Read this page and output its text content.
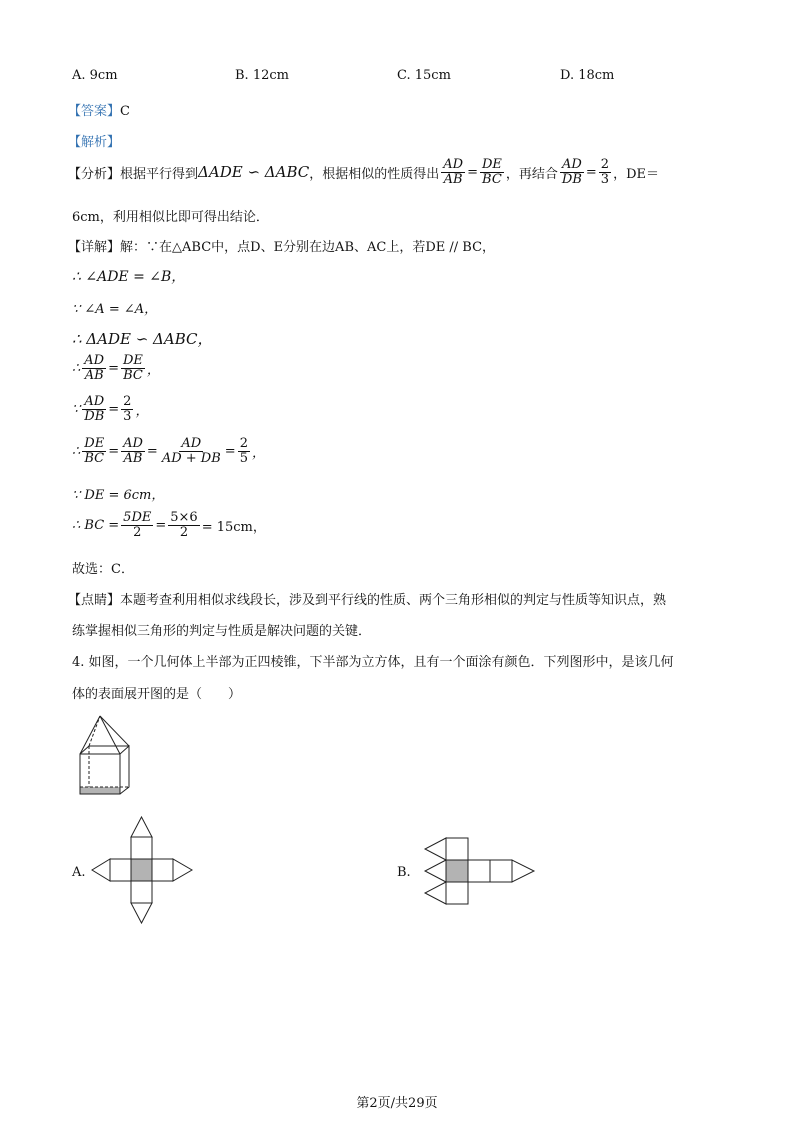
A. 9cm	B. 12cm	C. 15cm	D. 18cm
【答案】C
【解析】
【分析】 根据平行得到 ΔADE ∽ ΔABC ，根据相似的性质得出 $\frac{AD}{AB} = \frac{DE}{BC}$ ，再结合 $\frac{AD}{DB} = \frac{2}{3}$ ，DE＝
6cm，利用相似比即可得出结论．
【详解】解：∵在△ABC中，点D、E分别在边AB、AC上，若DE // BC，
∴ ∠ADE = ∠B，
∵ ∠A = ∠A，
∴ ΔADE ∽ ΔABC，
∴ $\frac{AD}{AB} = \frac{DE}{BC}$ ，
∵ $\frac{AD}{DB} = \frac{2}{3}$ ，
∴ $\frac{DE}{BC} = \frac{AD}{AB} = \frac{AD}{AD + DB} = \frac{2}{5}$ ，
∵ DE = 6cm，
∴ BC = $\frac{5DE}{2} = \frac{5\times 6}{2} = 15cm$，
故选：C．
【点睛】本题考查利用相似求线段长，涉及到平行线的性质、两个三角形相似的判定与性质等知识点，熟
练掌握相似三角形的判定与性质是解决问题的关键．
4. 如图，一个几何体上半部为正四棱锥，下半部为立方体，且有一个面涂有颜色．下列图形中，是该几何
体的表面展开图的是（　　）
A.	B.
第2页/共29页
